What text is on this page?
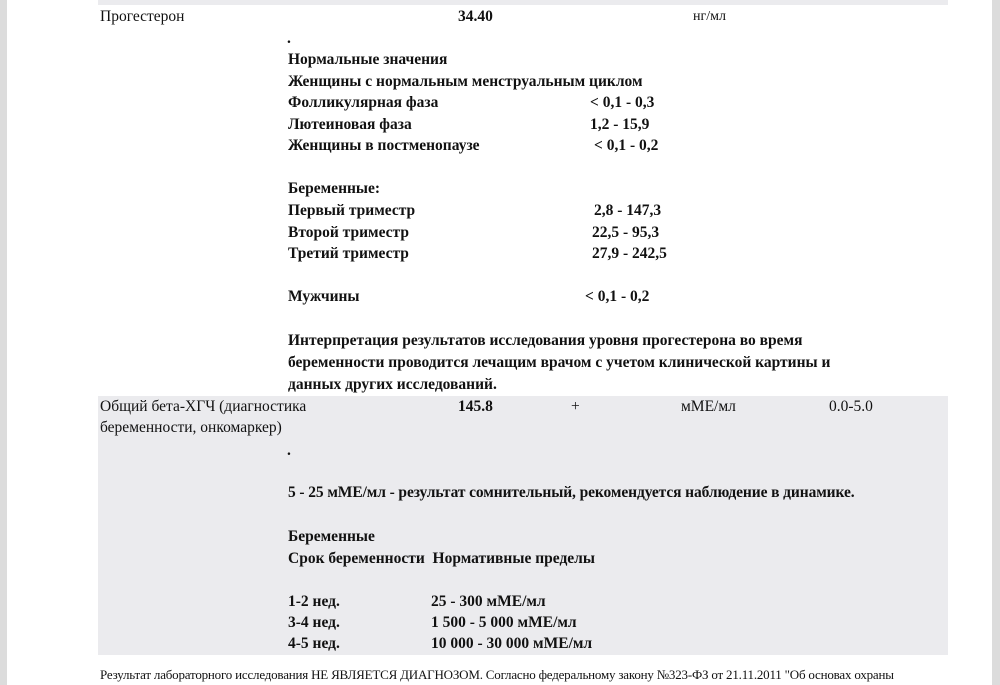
Прогестерон	34.40	нг/мл
.
Нормальные значения
Женщины с нормальным менструальным циклом
Фолликулярная фаза	< 0,1 - 0,3
Лютеиновая фаза	1,2 - 15,9
Женщины в постменопаузе	< 0,1 - 0,2
Беременные:
Первый триместр	2,8 - 147,3
Второй триместр	22,5 - 95,3
Третий триместр	27,9 - 242,5
Мужчины	< 0,1 - 0,2
Интерпретация результатов исследования уровня прогестерона во время
беременности проводится лечащим врачом с учетом клинической картины и
данных других исследований.
Общий бета-ХГЧ (диагностика
беременности, онкомаркер)
145.8	+	мМЕ/мл	0.0-5.0
.
5 - 25 мМЕ/мл - результат сомнительный, рекомендуется наблюдение в динамике.
Беременные
Срок беременности  Нормативные пределы
1-2 нед.	25 - 300 мМЕ/мл
3-4 нед.	1 500 - 5 000 мМЕ/мл
4-5 нед.	10 000 - 30 000 мМЕ/мл
Результат лабораторного исследования НЕ ЯВЛЯЕТСЯ ДИАГНОЗОМ. Согласно федеральному закону №323-ФЗ от 21.11.2011 "Об основах охраны
